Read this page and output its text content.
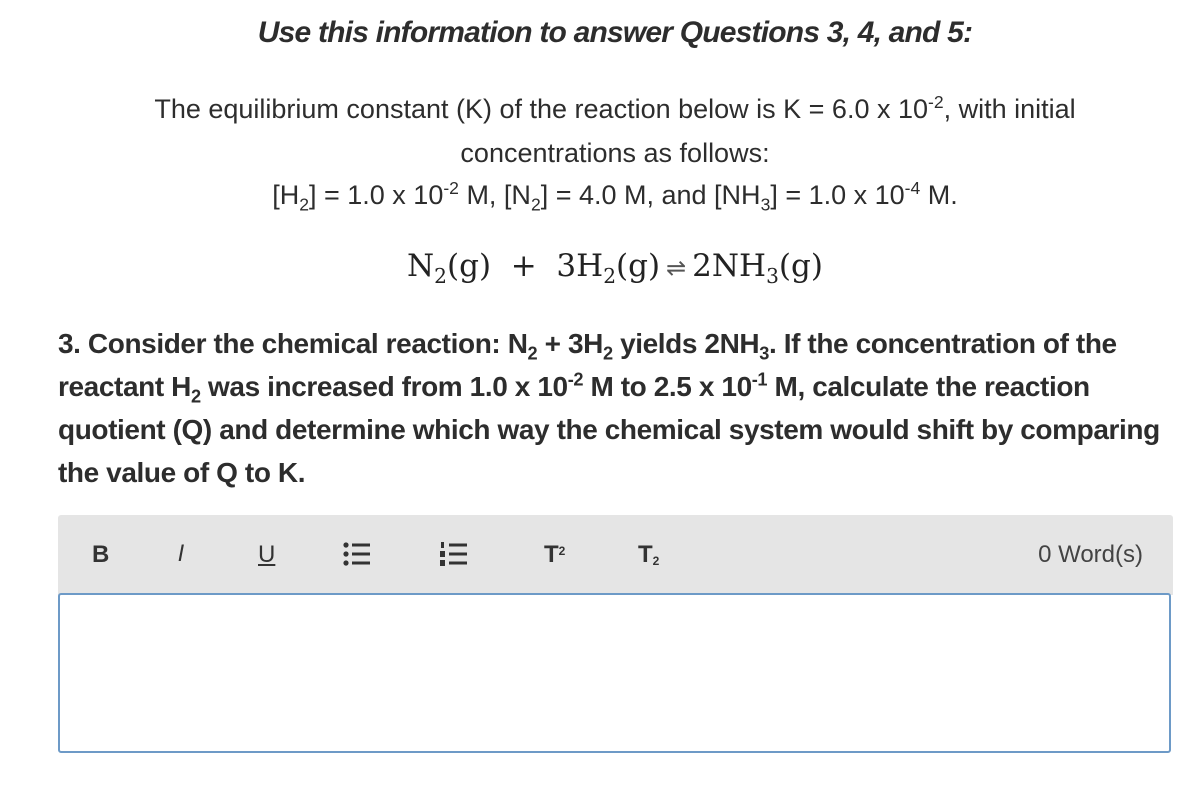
Use this information to answer Questions 3, 4, and 5:
The equilibrium constant (K) of the reaction below is K = 6.0 x $10^{-2}$, with initial
concentrations as follows:
$[H_2] = 1.0$ x $10^{-2}$ M, $[N_2] = 4.0$ M, and $[NH_3] = 1.0$ x $10^{-4}$ M.
$N_2(g) + 3H_2(g)$ ⇌ $2NH_3(g)$
3. Consider the chemical reaction: $N_2 + 3H_2$ yields $2NH_3$. If the concentration of the reactant $H_2$ was increased from 1.0 x $10^{-2}$ M to 2.5 x $10^{-1}$ M, calculate the reaction quotient (Q) and determine which way the chemical system would shift by comparing the value of Q to K.
B	I	U	$T^2$	$T_2$	0 Word(s)
